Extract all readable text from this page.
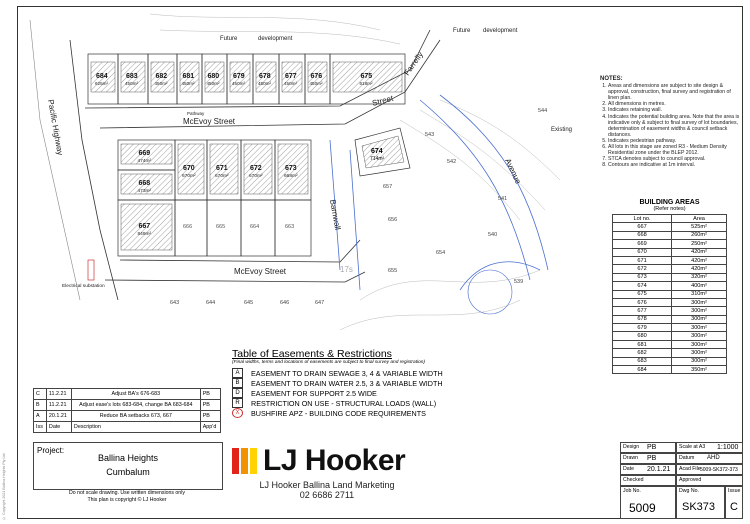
684
625m²
683
450m²
682
450m²
681
450m²
680
450m²
679
450m²
678
450m²
677
450m²
676
450m²
675
618m²
669
474m²
668
473m²
670
670m²
671
670m²
672
670m²
673
668m²
667
849m²
666	665	664	663
674
714m²
643	644	645	646	647
544
543
542
541
540
539
657
656
655
654
17s
Future	development
Future development
Pacific Highway	McEvoy Street
McEvoy Street
Street
Farrelly
Barnwall
Avenue
Existing
Pathway
Electrical substation
NOTES:
1. Areas and dimensions are subject to site design & approval, construction, final survey and registration of linen plan.
2. All dimensions in metres.
3. Indicates retaining wall.
4. Indicates the potential building area. Note that the area is indicative only & subject to final survey of lot boundaries, determination of easement widths & council setback distances.
5. Indicates pedestrian pathway.
6. All lots in this stage are zoned R3 - Medium Density Residential zone under the BLEP 2012.
7. STCA denotes subject to council approval.
8. Contours are indicative at 1m interval.
BUILDING AREAS
(Refer notes)
Lot no.	Area
667	525m²
668	260m²
669	250m²
670	420m²
671	420m²
672	420m²
673	320m²
674	400m²
675	310m²
676	300m²
677	300m²
678	300m²
679	300m²
680	300m²
681	300m²
682	300m²
683	300m²
684	350m²
Table of Easements & Restrictions
(Final widths, terms and locations of easements are subject to final survey and registration)
A	EASEMENT TO DRAIN SEWAGE 3, 4 & VARIABLE WIDTH
B	EASEMENT TO DRAIN WATER 2.5, 3 & VARIABLE WIDTH
D	EASEMENT FOR SUPPORT 2.5 WIDE
R	RESTRICTION ON USE - STRUCTURAL LOADS (WALL)
X	BUSHFIRE APZ - BUILDING CODE REQUIREMENTS
C	11.2.21	Adjust BA's 676-683	PB
B	11.2.21	Adjust ease's lots 683-684, change BA 683-684	PB
A	20.1.21	Reduce BA setbacks 673, 667	PB
Iss	Date	Description	App'd
Project:
Ballina Heights
Cumbalum
Do not scale drawing. Use written dimensions only
This plan is copyright © LJ Hooker
LJ Hooker
LJ Hooker Ballina Land Marketing
02 6686 2711
Design PB	Scale at A3 1:1000
Drawn PB	Datum AHD
Date 20.1.21 Acad File 5009-SK372-373
Checked	Approved
Job No.
5009
Dwg No.
SK373
Issue
C
© Copyright 2021 Ballina Heights Pty Ltd
